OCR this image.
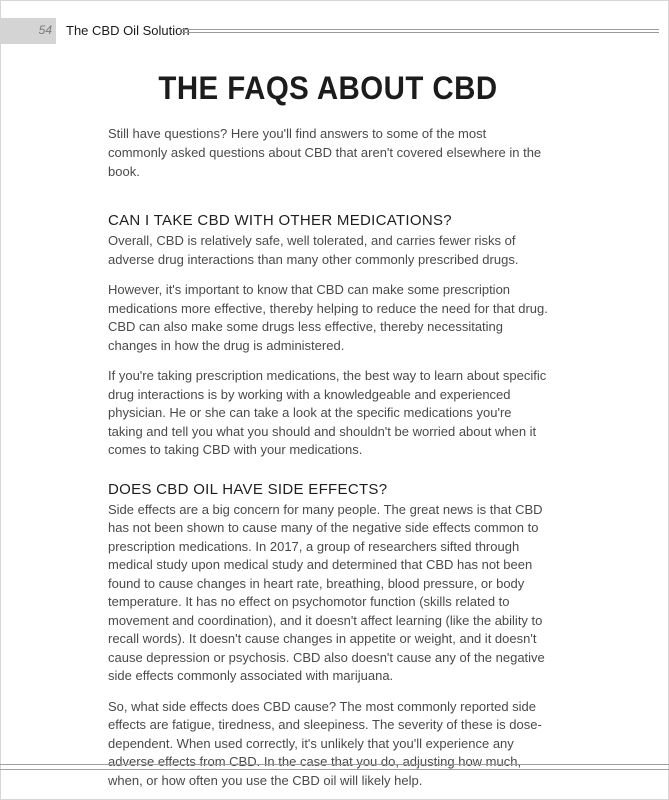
54 The CBD Oil Solution
THE FAQS ABOUT CBD

Still have questions? Here you'll find answers to some of the most commonly asked questions about CBD that aren't covered elsewhere in the book.

CAN I TAKE CBD WITH OTHER MEDICATIONS?

Overall, CBD is relatively safe, well tolerated, and carries fewer risks of adverse drug interactions than many other commonly prescribed drugs.

However, it's important to know that CBD can make some prescription medications more effective, thereby helping to reduce the need for that drug. CBD can also make some drugs less effective, thereby necessitating changes in how the drug is administered.

If you're taking prescription medications, the best way to learn about specific drug interactions is by working with a knowledgeable and experienced physician. He or she can take a look at the specific medications you're taking and tell you what you should and shouldn't be worried about when it comes to taking CBD with your medications.

DOES CBD OIL HAVE SIDE EFFECTS?

Side effects are a big concern for many people. The great news is that CBD has not been shown to cause many of the negative side effects common to prescription medications. In 2017, a group of researchers sifted through medical study upon medical study and determined that CBD has not been found to cause changes in heart rate, breathing, blood pressure, or body temperature. It has no effect on psychomotor function (skills related to movement and coordination), and it doesn't affect learning (like the ability to recall words). It doesn't cause changes in appetite or weight, and it doesn't cause depression or psychosis. CBD also doesn't cause any of the negative side effects commonly associated with marijuana.

So, what side effects does CBD cause? The most commonly reported side effects are fatigue, tiredness, and sleepiness. The severity of these is dose-dependent. When used correctly, it's unlikely that you'll experience any adverse effects from CBD. In the case that you do, adjusting how much, when, or how often you use the CBD oil will likely help.
